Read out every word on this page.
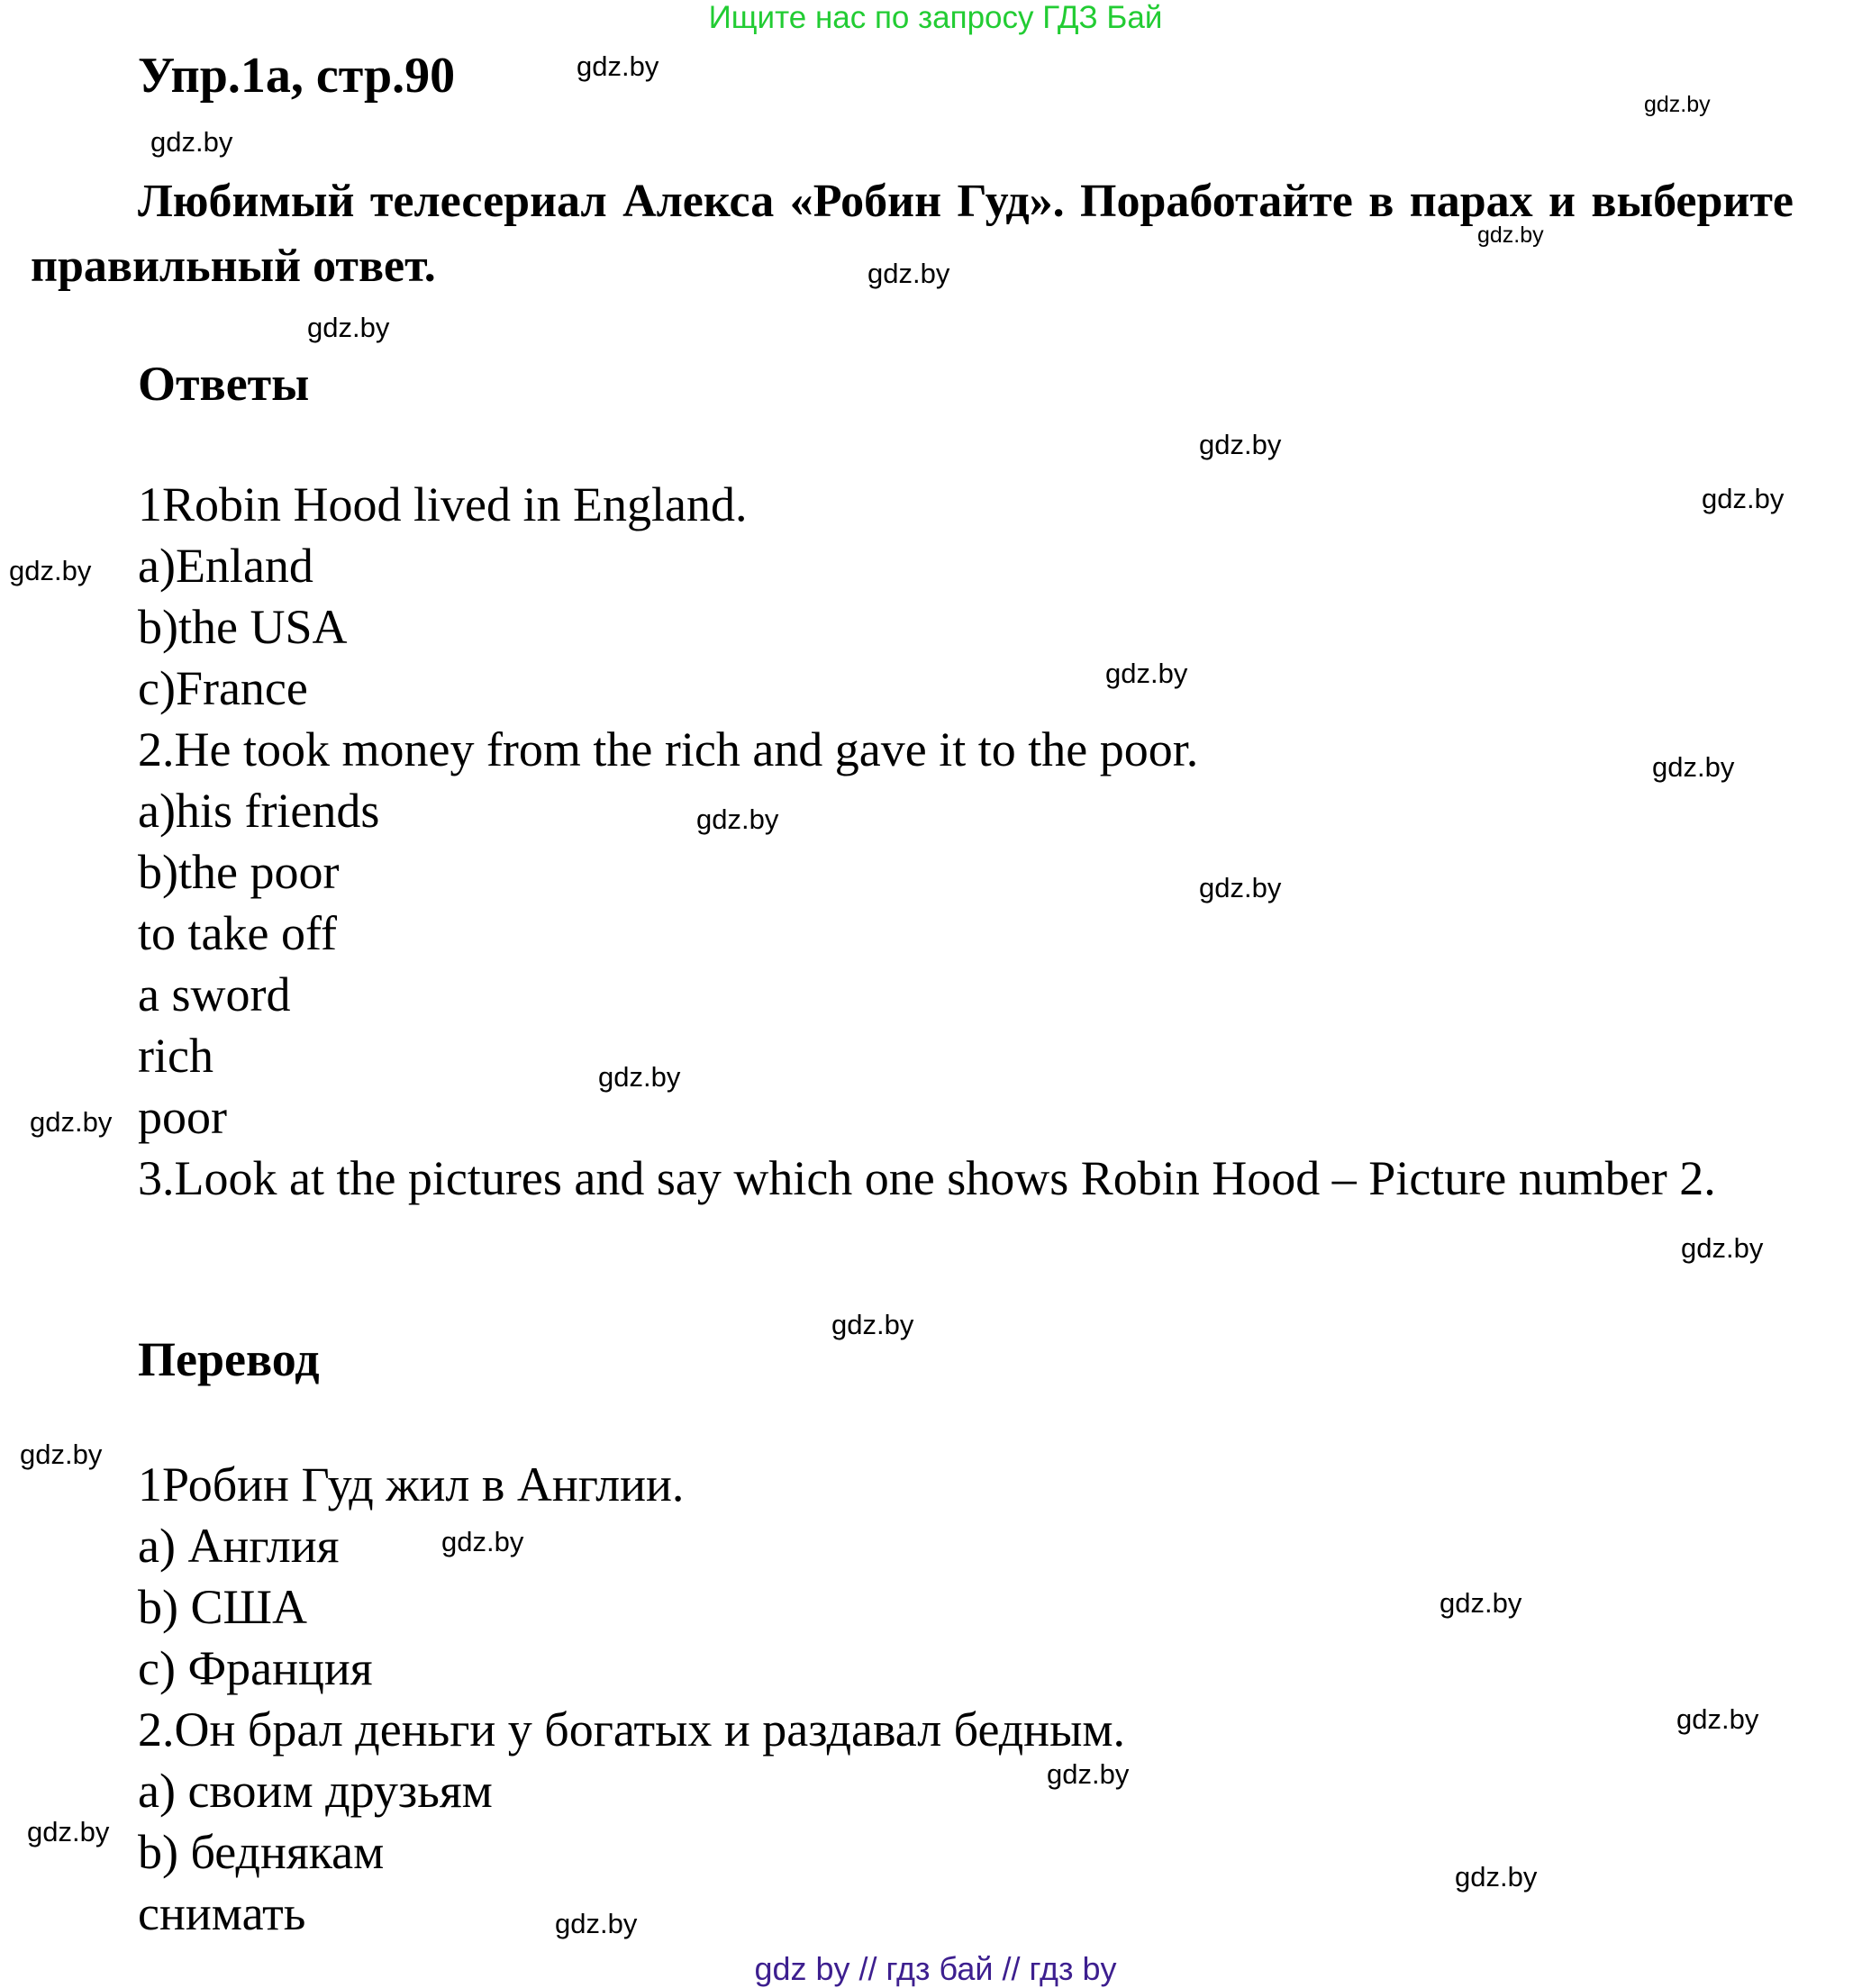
Ищите нас по запросу ГДЗ Бай
Упр.1а, стр.90
Любимый телесериал Алекса «Робин Гуд». Поработайте в парах и выберите правильный ответ.
Ответы
1Robin Hood lived in England.
a)Enland
b)the USA
c)France
2.He took money from the rich and gave it to the poor.
a)his friends
b)the poor
to take off
a sword
rich
poor
3.Look at the pictures and say which one shows Robin Hood – Picture number 2.
Перевод
1Робин Гуд жил в Англии.
a) Англия
b) США
c) Франция
2.Он брал деньги у богатых и раздавал бедным.
a) своим друзьям
b) беднякам
снимать
gdz.by
gdz.by
gdz.by
gdz.by
gdz.by
gdz.by
gdz.by
gdz.by
gdz.by
gdz.by
gdz.by
gdz.by
gdz.by
gdz.by
gdz.by
gdz.by
gdz.by
gdz.by
gdz.by
gdz.by
gdz.by
gdz.by
gdz.by
gdz.by
gdz.by
gdz by // гдз бай // гдз by
